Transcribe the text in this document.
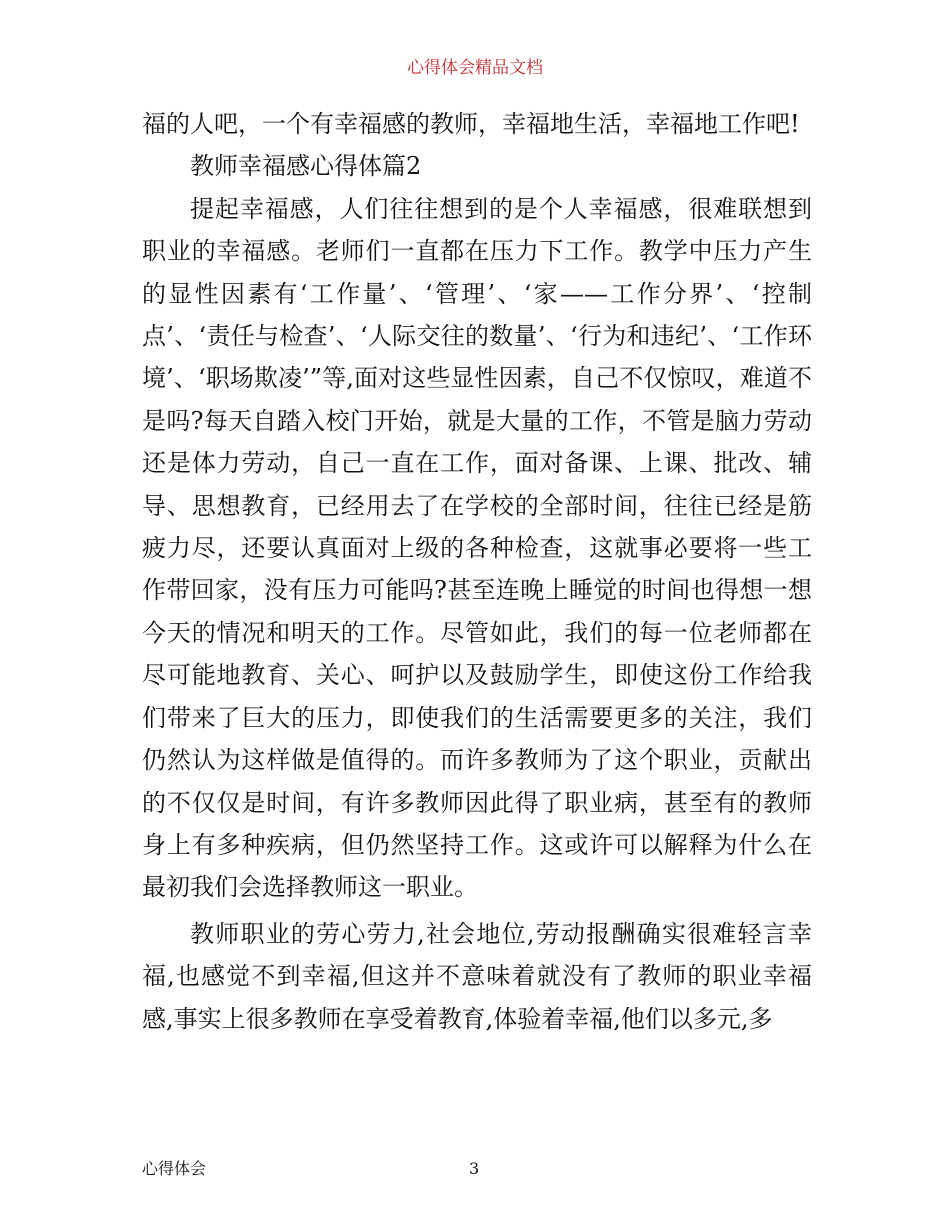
心得体会精品文档

福的人吧，一个有幸福感的教师，幸福地生活，幸福地工作吧!

教师幸福感心得体篇2

提起幸福感，人们往往想到的是个人幸福感，很难联想到职业的幸福感。老师们一直都在压力下工作。教学中压力产生的显性因素有‘工作量’、‘管理’、‘家——工作分界’、‘控制点’、‘责任与检查’、‘人际交往的数量’、‘行为和违纪’、‘工作环境’、‘职场欺凌’”等,面对这些显性因素，自己不仅惊叹，难道不是吗?每天自踏入校门开始，就是大量的工作，不管是脑力劳动还是体力劳动，自己一直在工作，面对备课、上课、批改、辅导、思想教育，已经用去了在学校的全部时间，往往已经是筋疲力尽，还要认真面对上级的各种检查，这就事必要将一些工作带回家，没有压力可能吗?甚至连晚上睡觉的时间也得想一想今天的情况和明天的工作。尽管如此，我们的每一位老师都在尽可能地教育、关心、呵护以及鼓励学生，即使这份工作给我们带来了巨大的压力，即使我们的生活需要更多的关注，我们仍然认为这样做是值得的。而许多教师为了这个职业，贡献出的不仅仅是时间，有许多教师因此得了职业病，甚至有的教师身上有多种疾病，但仍然坚持工作。这或许可以解释为什么在最初我们会选择教师这一职业。

教师职业的劳心劳力,社会地位,劳动报酬确实很难轻言幸福,也感觉不到幸福,但这并不意味着就没有了教师的职业幸福感,事实上很多教师在享受着教育,体验着幸福,他们以多元,多

心得体会	3
